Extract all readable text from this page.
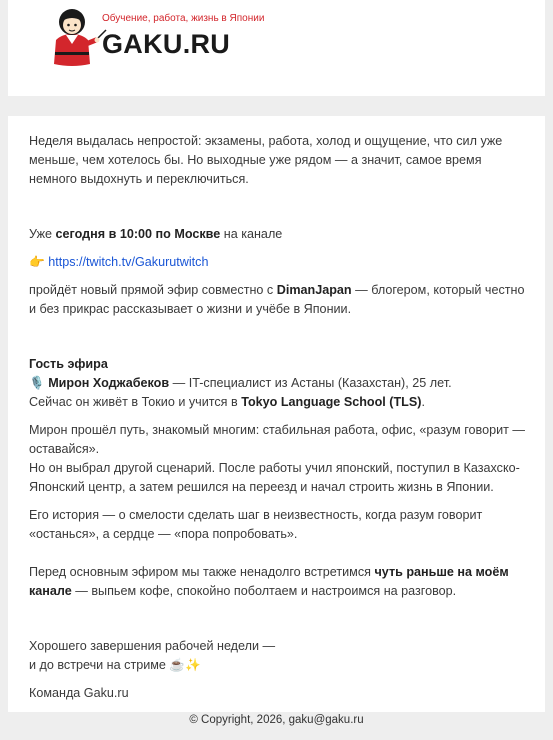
Обучение, работа, жизнь в Японии
GAKU.RU

Неделя выдалась непростой: экзамены, работа, холод и ощущение, что сил уже меньше, чем хотелось бы. Но выходные уже рядом — а значит, самое время немного выдохнуть и переключиться.

Уже сегодня в 10:00 по Москве на канале

👉 https://twitch.tv/Gakurutwitch

пройдёт новый прямой эфир совместно с DimanJapan — блогером, который честно и без прикрас рассказывает о жизни и учёбе в Японии.

Гость эфира

🎙️ Мирон Ходжабеков — IT-специалист из Астаны (Казахстан), 25 лет.

Сейчас он живёт в Токио и учится в Tokyo Language School (TLS).

Мирон прошёл путь, знакомый многим: стабильная работа, офис, «разум говорит — оставайся».

Но он выбрал другой сценарий. После работы учил японский, поступил в Казахско-Японский центр, а затем решился на переезд и начал строить жизнь в Японии.

Его история — о смелости сделать шаг в неизвестность, когда разум говорит «останься», а сердце — «пора попробовать».

Перед основным эфиром мы также ненадолго встретимся чуть раньше на моём канале — выпьем кофе, спокойно поболтаем и настроимся на разговор.

Хорошего завершения рабочей недели —

и до встречи на стриме ☕✨

Команда Gaku.ru

© Copyright, 2026, gaku@gaku.ru
